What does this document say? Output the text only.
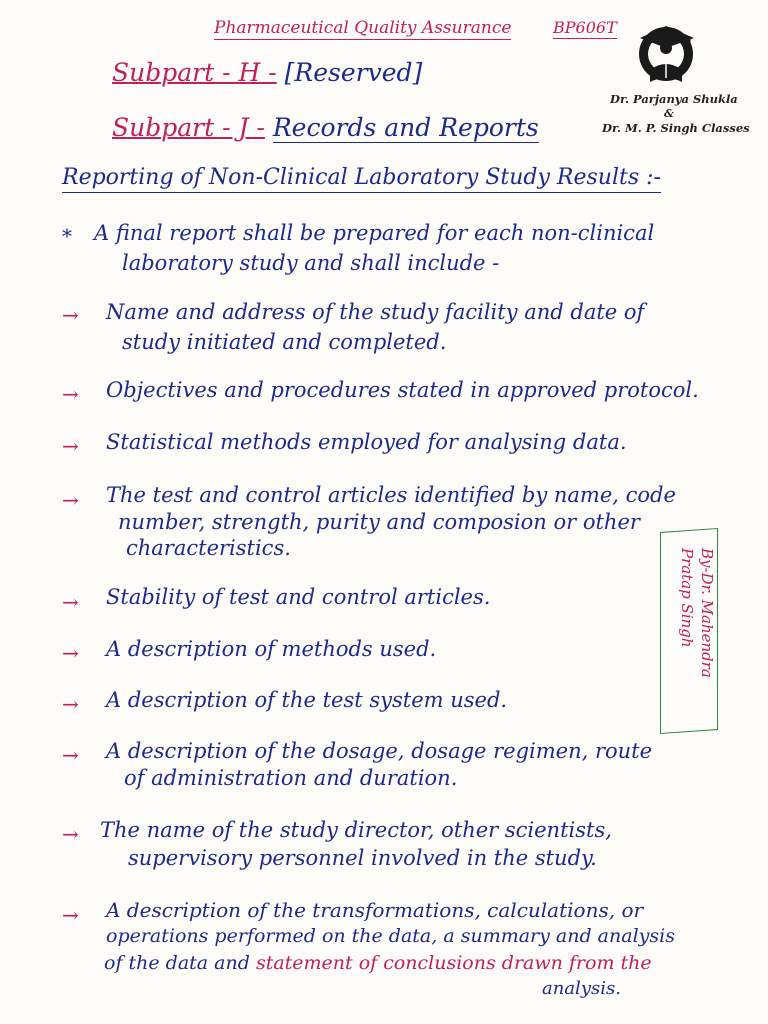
Pharmaceutical Quality Assurance	BP606T
Subpart - H - [Reserved]
Subpart - J - Records and Reports
Dr. Parjanya Shukla
&
Dr. M. P. Singh Classes
Reporting of Non-Clinical Laboratory Study Results :-
* A final report shall be prepared for each non-clinical
laboratory study and shall include -
→ Name and address of the study facility and date of
study initiated and completed.
→ Objectives and procedures stated in approved protocol.
→ Statistical methods employed for analysing data.
→ The test and control articles identified by name, code
number, strength, purity and composion or other
characteristics.
→ Stability of test and control articles.
→ A description of methods used.
→ A description of the test system used.
→ A description of the dosage, dosage regimen, route
of administration and duration.
→ The name of the study director, other scientists,
supervisory personnel involved in the study.
→ A description of the transformations, calculations, or
operations performed on the data, a summary and analysis
of the data and statement of conclusions drawn from the
analysis.
By-Dr. Mahendra
Pratap Singh
